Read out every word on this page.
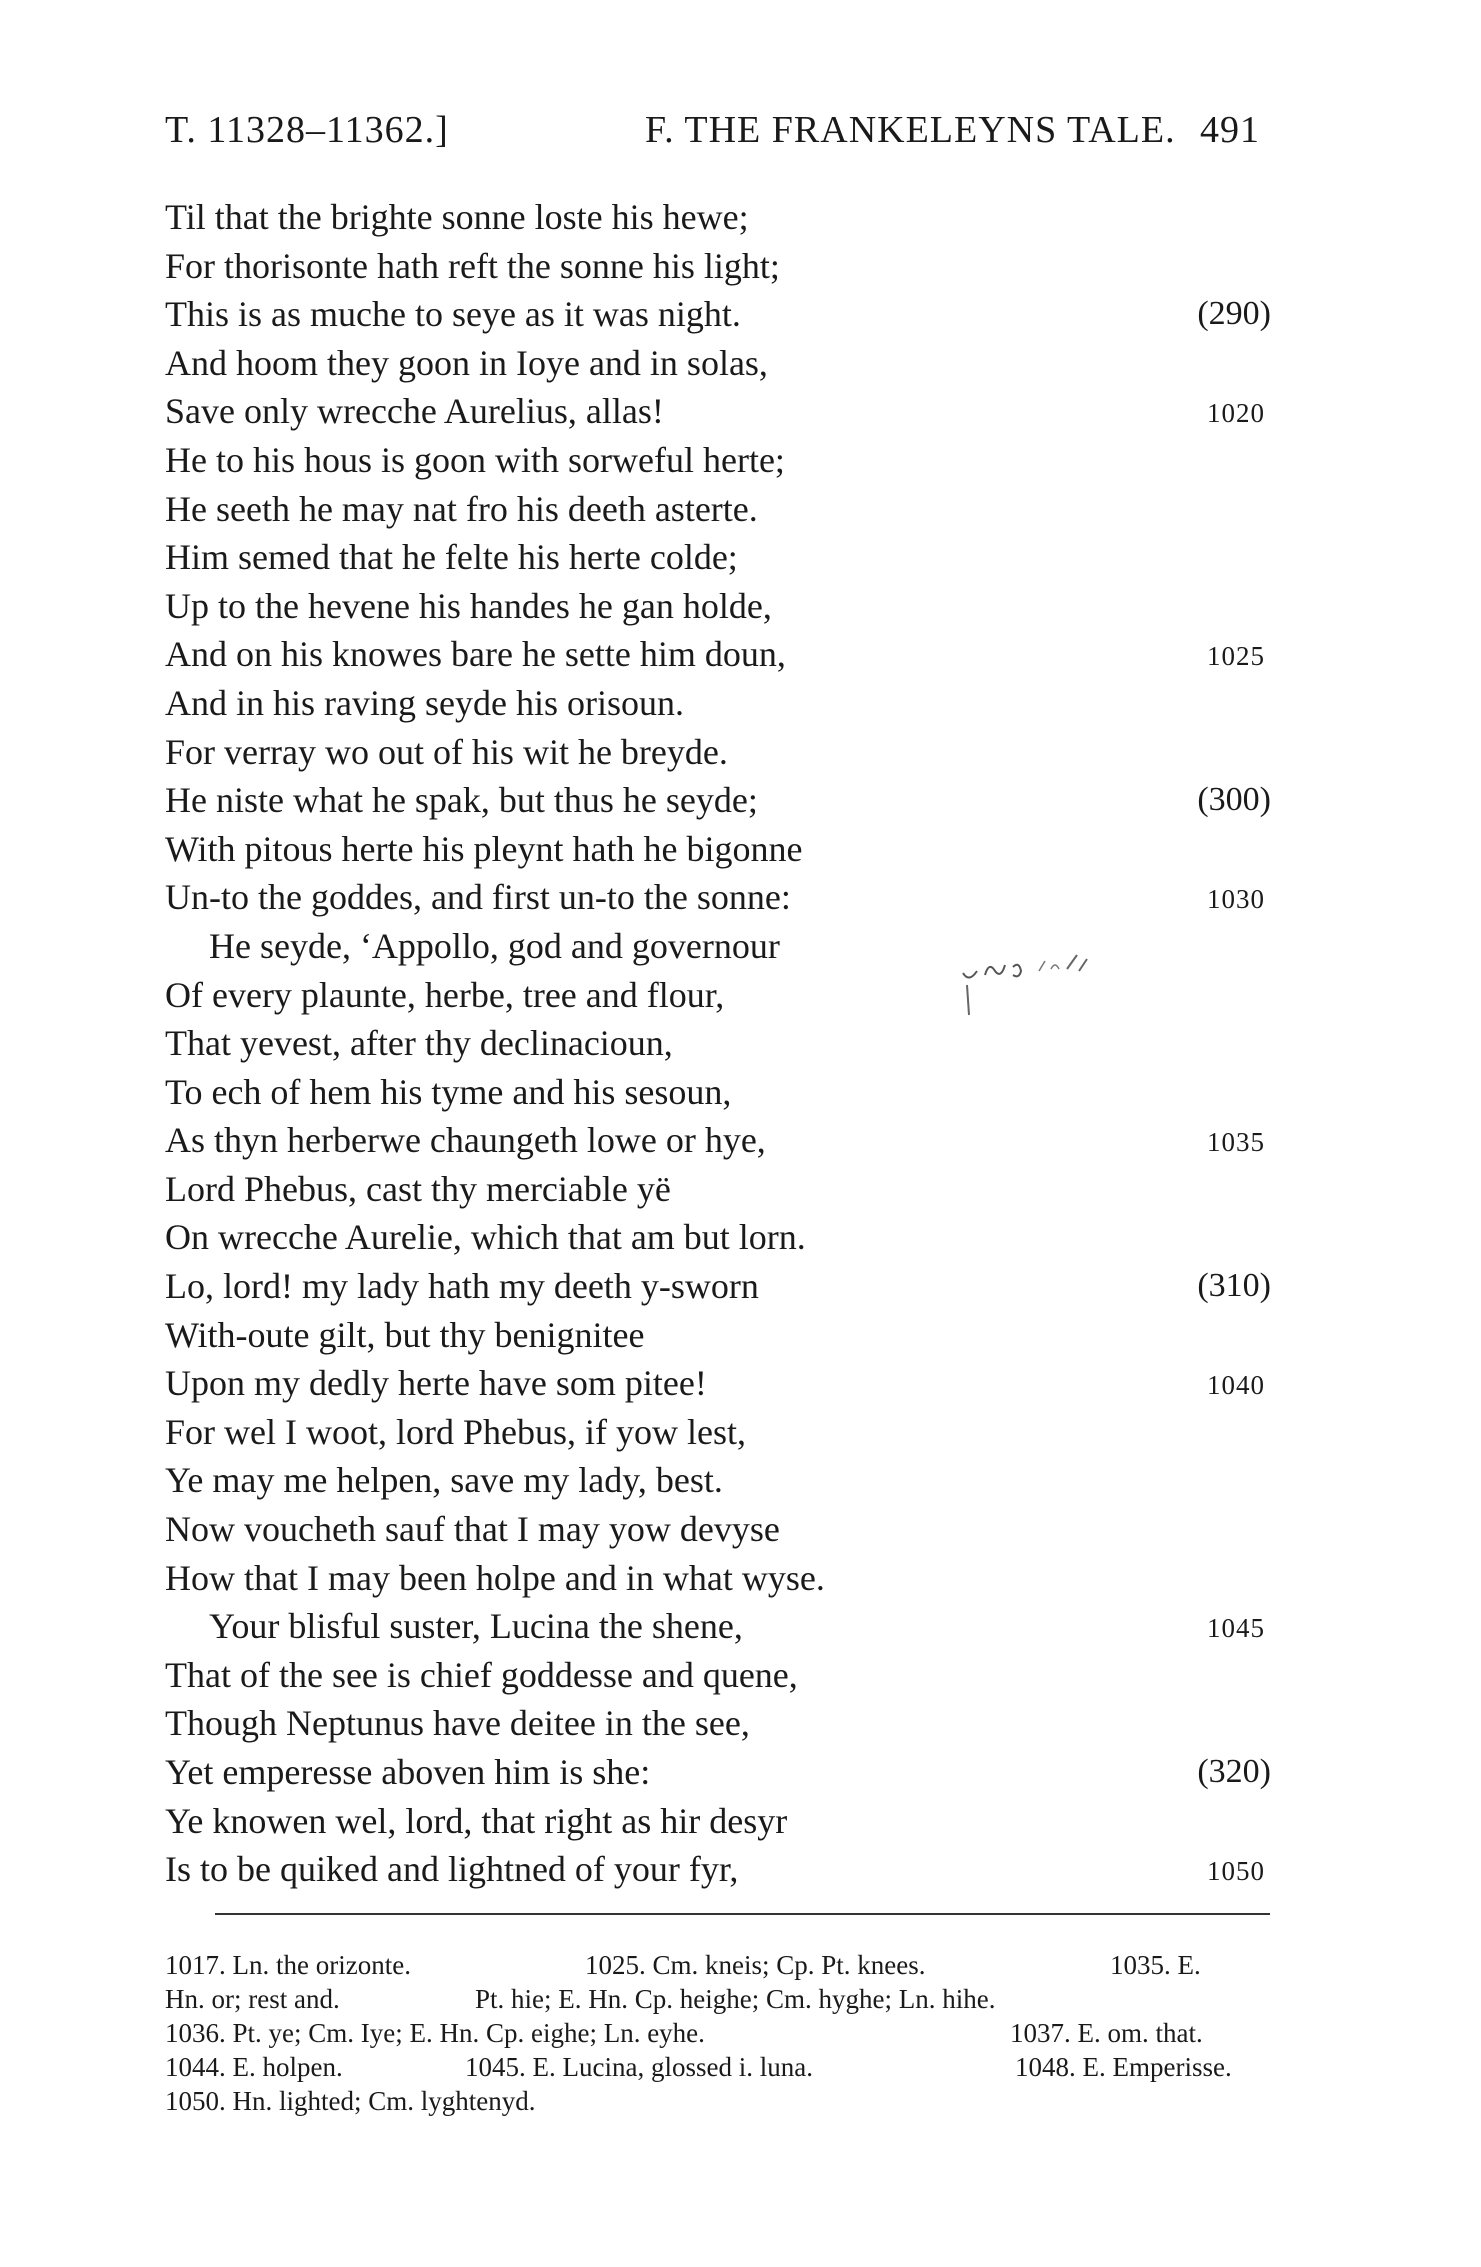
T. 11328–11362.]	F. THE FRANKELEYNS TALE. 491
Til that the brighte sonne loste his hewe;
For thorisonte hath reft the sonne his light;
This is as muche to seye as it was night.	(290)
And hoom they goon in Ioye and in solas,
Save only wrecche Aurelius, allas!	1020
He to his hous is goon with sorweful herte;
He seeth he may nat fro his deeth asterte.
Him semed that he felte his herte colde;
Up to the hevene his handes he gan holde,
And on his knowes bare he sette him doun,	1025
And in his raving seyde his orisoun.
For verray wo out of his wit he breyde.
He niste what he spak, but thus he seyde;	(300)
With pitous herte his pleynt hath he bigonne
Un-to the goddes, and first un-to the sonne:	1030
He seyde, ‘Appollo, god and governour
Of every plaunte, herbe, tree and flour,
That yevest, after thy declinacioun,
To ech of hem his tyme and his sesoun,
As thyn herberwe chaungeth lowe or hye,	1035
Lord Phebus, cast thy merciable yë
On wrecche Aurelie, which that am but lorn.
Lo, lord! my lady hath my deeth y-sworn	(310)
With-oute gilt, but thy benignitee
Upon my dedly herte have som pitee!	1040
For wel I woot, lord Phebus, if yow lest,
Ye may me helpen, save my lady, best.
Now voucheth sauf that I may yow devyse
How that I may been holpe and in what wyse.
Your blisful suster, Lucina the shene,	1045
That of the see is chief goddesse and quene,
Though Neptunus have deitee in the see,
Yet emperesse aboven him is she:	(320)
Ye knowen wel, lord, that right as hir desyr
Is to be quiked and lightned of your fyr,	1050
1017. Ln. the orizonte.	1025. Cm. kneis; Cp. Pt. knees.	1035. E.
Hn. or; rest and.	Pt. hie; E. Hn. Cp. heighe; Cm. hyghe; Ln. hihe.
1036. Pt. ye; Cm. Iye; E. Hn. Cp. eighe; Ln. eyhe.	1037. E. om. that.
1044. E. holpen.	1045. E. Lucina, glossed i. luna.	1048. E. Emperisse.
1050. Hn. lighted; Cm. lyghtenyd.
